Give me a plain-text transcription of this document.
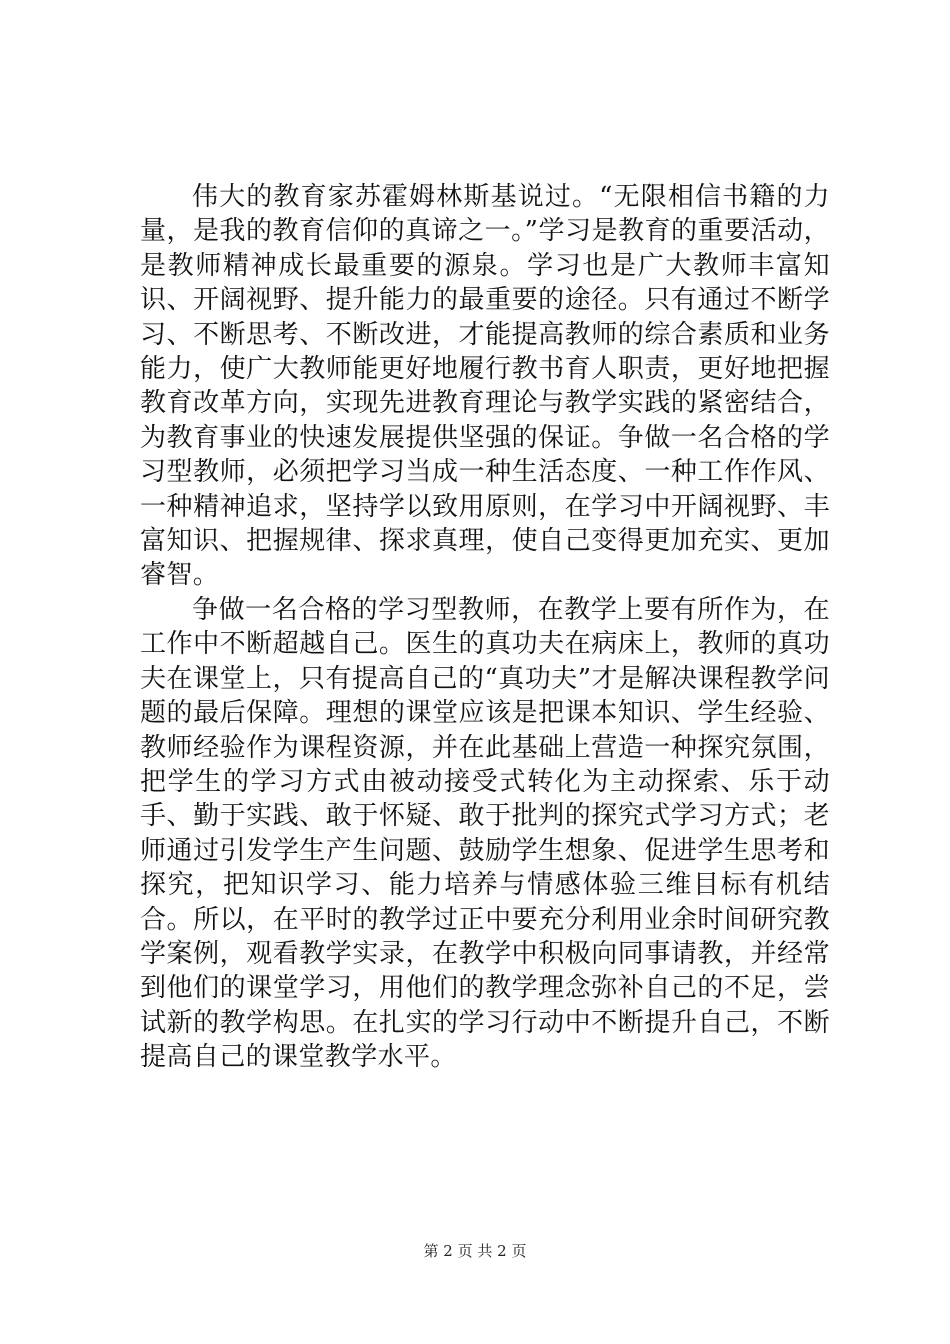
伟大的教育家苏霍姆林斯基说过。“无限相信书籍的力量，是我的教育信仰的真谛之一。”学习是教育的重要活动，是教师精神成长最重要的源泉。学习也是广大教师丰富知识、开阔视野、提升能力的最重要的途径。只有通过不断学习、不断思考、不断改进，才能提高教师的综合素质和业务能力，使广大教师能更好地履行教书育人职责，更好地把握教育改革方向，实现先进教育理论与教学实践的紧密结合，为教育事业的快速发展提供坚强的保证。争做一名合格的学习型教师，必须把学习当成一种生活态度、一种工作作风、一种精神追求，坚持学以致用原则，在学习中开阔视野、丰富知识、把握规律、探求真理，使自己变得更加充实、更加睿智。

争做一名合格的学习型教师，在教学上要有所作为，在工作中不断超越自己。医生的真功夫在病床上，教师的真功夫在课堂上，只有提高自己的“真功夫”才是解决课程教学问题的最后保障。理想的课堂应该是把课本知识、学生经验、教师经验作为课程资源，并在此基础上营造一种探究氛围，把学生的学习方式由被动接受式转化为主动探索、乐于动手、勤于实践、敢于怀疑、敢于批判的探究式学习方式；老师通过引发学生产生问题、鼓励学生想象、促进学生思考和探究，把知识学习、能力培养与情感体验三维目标有机结合。所以，在平时的教学过正中要充分利用业余时间研究教学案例，观看教学实录，在教学中积极向同事请教，并经常到他们的课堂学习，用他们的教学理念弥补自己的不足，尝试新的教学构思。在扎实的学习行动中不断提升自己，不断提高自己的课堂教学水平。

第 2 页 共 2 页
